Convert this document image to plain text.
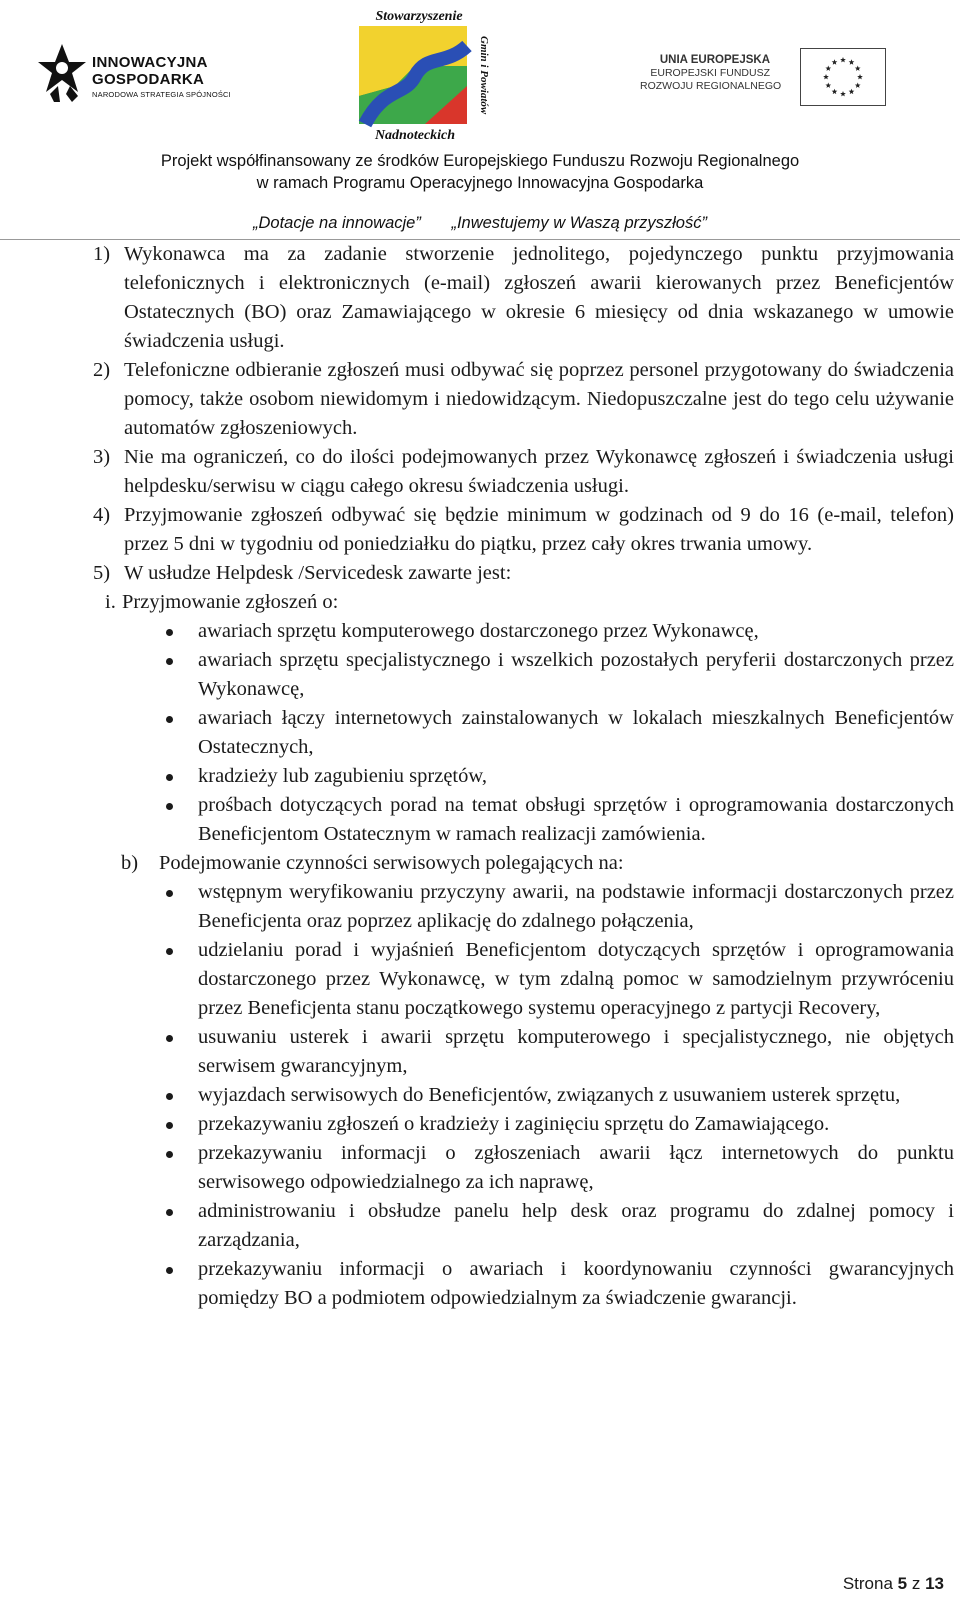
INNOWACYJNA
GOSPODARKA
NARODOWA STRATEGIA SPÓJNOŚCI
Stowarzyszenie
Gmin i Powiatów
Nadnoteckich
UNIA EUROPEJSKA
EUROPEJSKI FUNDUSZ
ROZWOJU REGIONALNEGO
Projekt współfinansowany ze środków Europejskiego Funduszu Rozwoju Regionalnego
w ramach Programu Operacyjnego Innowacyjna Gospodarka
„Dotacje na innowacje” „Inwestujemy w Waszą przyszłość”
1) Wykonawca ma za zadanie stworzenie jednolitego, pojedynczego punktu przyjmowania telefonicznych i elektronicznych (e-mail) zgłoszeń awarii kierowanych przez Beneficjentów Ostatecznych (BO) oraz Zamawiającego w okresie 6 miesięcy od dnia wskazanego w umowie świadczenia usługi.
2) Telefoniczne odbieranie zgłoszeń musi odbywać się poprzez personel przygotowany do świadczenia pomocy, także osobom niewidomym i niedowidzącym. Niedopuszczalne jest do tego celu używanie automatów zgłoszeniowych.
3) Nie ma ograniczeń, co do ilości podejmowanych przez Wykonawcę zgłoszeń i świadczenia usługi helpdesku/serwisu w ciągu całego okresu świadczenia usługi.
4) Przyjmowanie zgłoszeń odbywać się będzie minimum w godzinach od 9 do 16 (e-mail, telefon) przez 5 dni w tygodniu od poniedziałku do piątku, przez cały okres trwania umowy.
5) W usłudze Helpdesk /Servicedesk zawarte jest:
i. Przyjmowanie zgłoszeń o:
awariach sprzętu komputerowego dostarczonego przez Wykonawcę,
awariach sprzętu specjalistycznego i wszelkich pozostałych peryferii dostarczonych przez Wykonawcę,
awariach łączy internetowych zainstalowanych w lokalach mieszkalnych Beneficjentów Ostatecznych,
kradzieży lub zagubieniu sprzętów,
prośbach dotyczących porad na temat obsługi sprzętów i oprogramowania dostarczonych Beneficjentom Ostatecznym w ramach realizacji zamówienia.
b) Podejmowanie czynności serwisowych polegających na:
wstępnym weryfikowaniu przyczyny awarii, na podstawie informacji dostarczonych przez Beneficjenta oraz poprzez aplikację do zdalnego połączenia,
udzielaniu porad i wyjaśnień Beneficjentom dotyczących sprzętów i oprogramowania dostarczonego przez Wykonawcę, w tym zdalną pomoc w samodzielnym przywróceniu przez Beneficjenta stanu początkowego systemu operacyjnego z partycji Recovery,
usuwaniu usterek i awarii sprzętu komputerowego i specjalistycznego, nie objętych serwisem gwarancyjnym,
wyjazdach serwisowych do Beneficjentów, związanych z usuwaniem usterek sprzętu,
przekazywaniu zgłoszeń o kradzieży i zaginięciu sprzętu do Zamawiającego.
przekazywaniu informacji o zgłoszeniach awarii łącz internetowych do punktu serwisowego odpowiedzialnego za ich naprawę,
administrowaniu i obsłudze panelu help desk oraz programu do zdalnej pomocy i zarządzania,
przekazywaniu informacji o awariach i koordynowaniu czynności gwarancyjnych pomiędzy BO a podmiotem odpowiedzialnym za świadczenie gwarancji.
Strona 5 z 13
